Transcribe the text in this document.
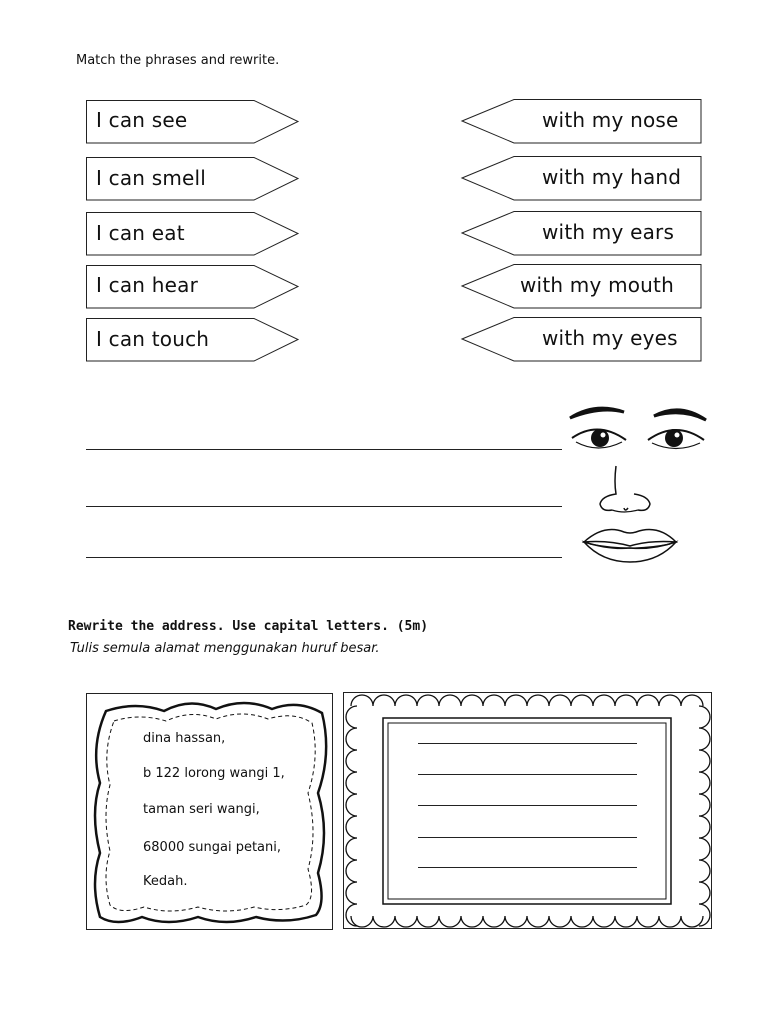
Match the phrases and rewrite.
I can see
I can smell
I can eat
I can hear
I can touch
with my nose
with my hand
with my ears
with my mouth
with my eyes
Rewrite the address. Use capital letters. (5m)
Tulis semula alamat menggunakan huruf besar.
dina hassan,
b 122 lorong wangi 1,
taman seri wangi,
68000 sungai petani,
Kedah.
